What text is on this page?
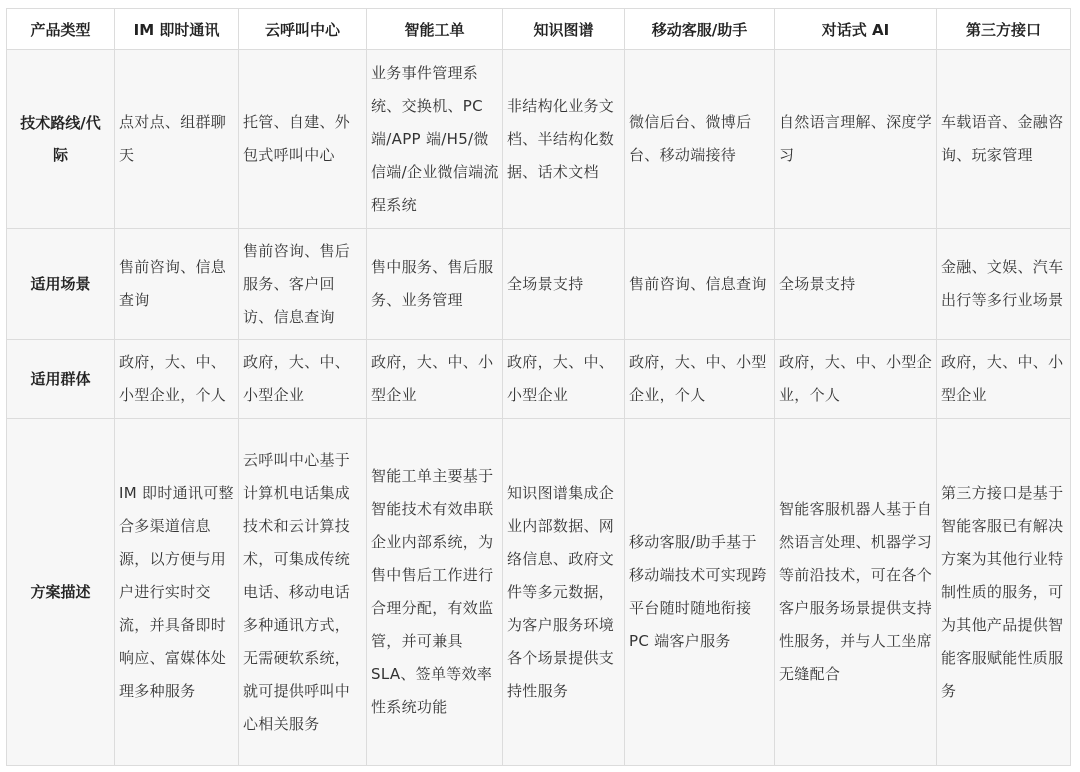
产品类型	IM 即时通讯	云呼叫中心	智能工单	知识图谱	移动客服/助手	对话式 AI	第三方接口
技术路线/代际	点对点、组群聊天	托管、自建、外包式呼叫中心	业务事件管理系统、交换机、PC端/APP 端/H5/微信端/企业微信端流程系统	非结构化业务文档、半结构化数据、话术文档	微信后台、微博后台、移动端接待	自然语言理解、深度学习	车载语音、金融咨询、玩家管理
适用场景	售前咨询、信息查询	售前咨询、售后服务、客户回访、信息查询	售中服务、售后服务、业务管理	全场景支持	售前咨询、信息查询	全场景支持	金融、文娱、汽车出行等多行业场景
适用群体	政府，大、中、小型企业，个人	政府，大、中、小型企业	政府，大、中、小型企业	政府，大、中、小型企业	政府，大、中、小型企业，个人	政府，大、中、小型企业，个人	政府，大、中、小型企业
方案描述	IM 即时通讯可整合多渠道信息源，以方便与用户进行实时交流，并具备即时响应、富媒体处理多种服务	云呼叫中心基于计算机电话集成技术和云计算技术，可集成传统电话、移动电话多种通讯方式，无需硬软系统，就可提供呼叫中心相关服务	智能工单主要基于智能技术有效串联企业内部系统，为售中售后工作进行合理分配，有效监管，并可兼具 SLA、签单等效率性系统功能	知识图谱集成企业内部数据、网络信息、政府文件等多元数据，为客户服务环境各个场景提供支持性服务	移动客服/助手基于移动端技术可实现跨平台随时随地衔接 PC 端客户服务	智能客服机器人基于自然语言处理、机器学习等前沿技术，可在各个客户服务场景提供支持性服务，并与人工坐席无缝配合	第三方接口是基于智能客服已有解决方案为其他行业特制性质的服务，可为其他产品提供智能客服赋能性质服务
